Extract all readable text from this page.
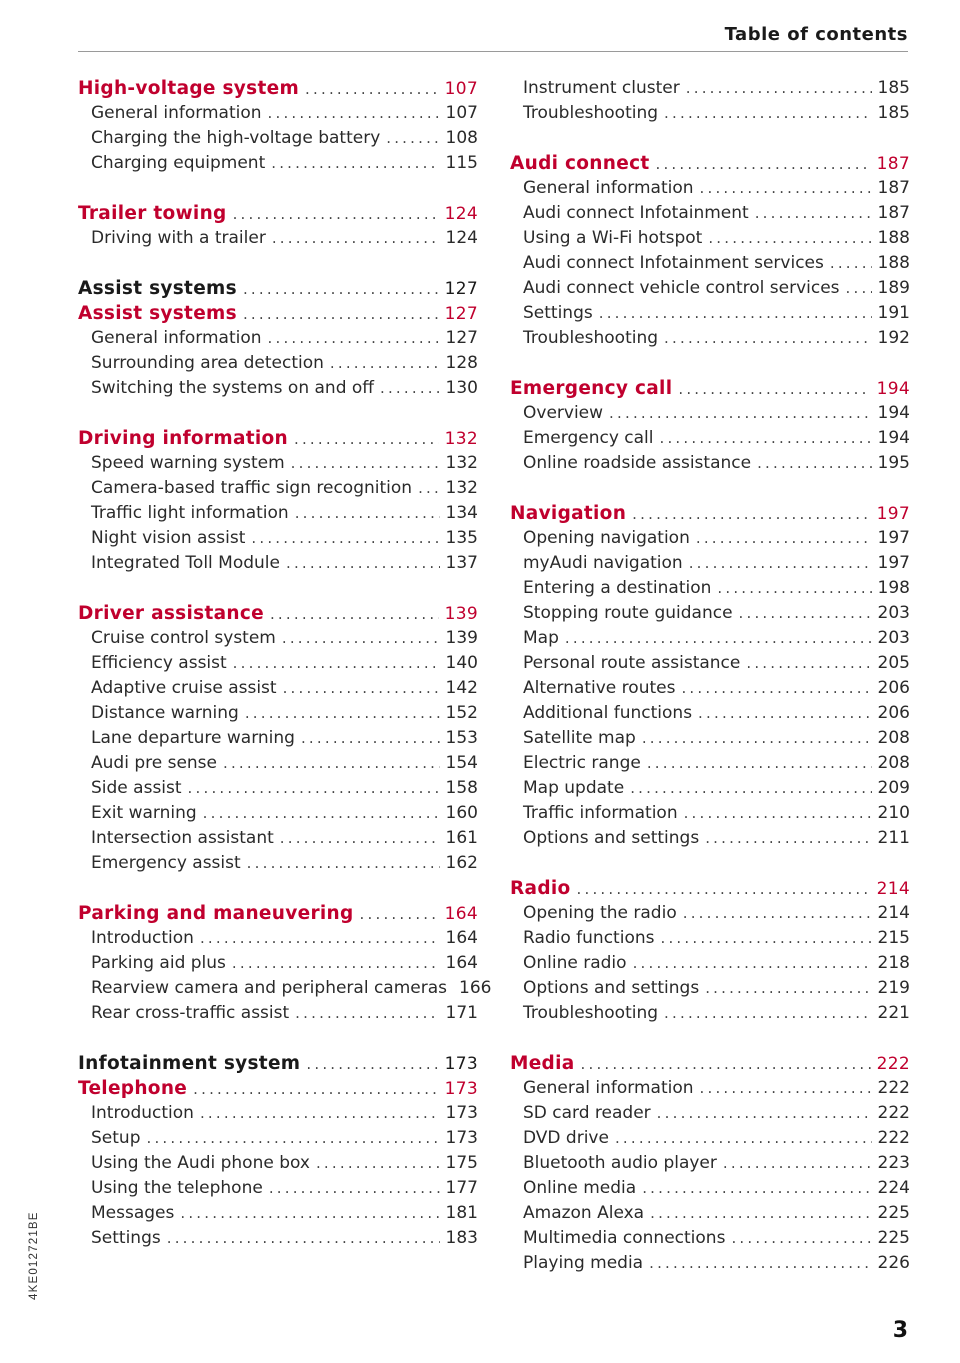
Table of contents
High-voltage system .....	107
General information .....	107
Charging the high-voltage battery .....	108
Charging equipment .....	115
Trailer towing .....	124
Driving with a trailer .....	124
Assist systems .....	127
Assist systems .....	127
General information .....	127
Surrounding area detection .....	128
Switching the systems on and off .....	130
Driving information .....	132
Speed warning system .....	132
Camera-based traffic sign recognition ..... 132
Traffic light information .....	134
Night vision assist .....	135
Integrated Toll Module .....	137
Driver assistance .....	139
Cruise control system .....	139
Efficiency assist .....	140
Adaptive cruise assist .....	142
Distance warning .....	152
Lane departure warning .....	153
Audi pre sense .....	154
Side assist .....	158
Exit warning .....	160
Intersection assistant .....	161
Emergency assist .....	162
Parking and maneuvering .....	164
Introduction .....	164
Parking aid plus .....	164
Rearview camera and peripheral cameras 166
Rear cross-traffic assist .....	171
Infotainment system .....	173
Telephone .....	173
Introduction .....	173
Setup .....	173
Using the Audi phone box .....	175
Using the telephone .....	177
Messages .....	181
Settings .....	183
Instrument cluster .....	185
Troubleshooting .....	185
Audi connect .....	187
General information .....	187
Audi connect Infotainment .....	187
Using a Wi-Fi hotspot .....	188
Audi connect Infotainment services .....	188
Audi connect vehicle control services ..... 189
Settings .....	191
Troubleshooting .....	192
Emergency call .....	194
Overview .....	194
Emergency call .....	194
Online roadside assistance .....	195
Navigation .....	197
Opening navigation .....	197
myAudi navigation .....	197
Entering a destination .....	198
Stopping route guidance .....	203
Map .....	203
Personal route assistance .....	205
Alternative routes .....	206
Additional functions .....	206
Satellite map .....	208
Electric range .....	208
Map update .....	209
Traffic information .....	210
Options and settings .....	211
Radio .....	214
Opening the radio .....	214
Radio functions .....	215
Online radio .....	218
Options and settings .....	219
Troubleshooting .....	221
Media .....	222
General information .....	222
SD card reader .....	222
DVD drive .....	222
Bluetooth audio player .....	223
Online media .....	224
Amazon Alexa .....	225
Multimedia connections .....	225
Playing media .....	226
4KE012721BE
3
